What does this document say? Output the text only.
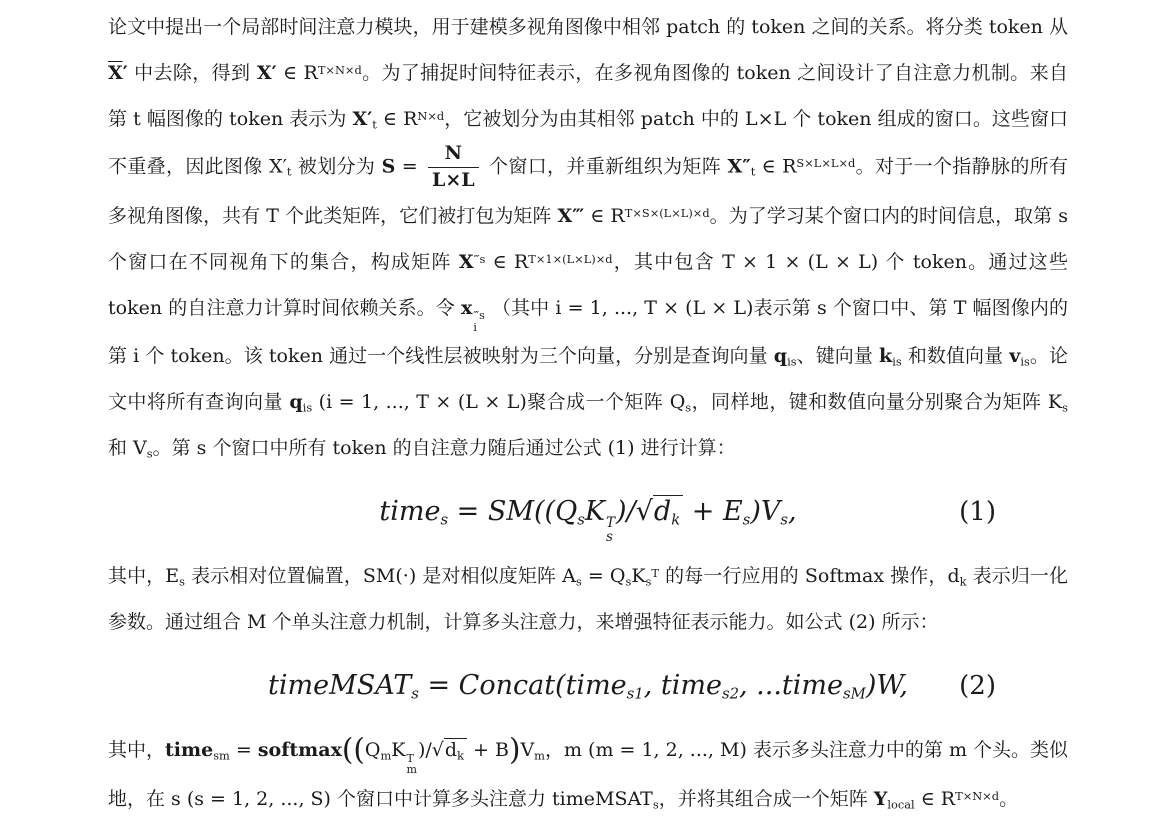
论文中提出一个局部时间注意力模块，用于建模多视角图像中相邻 patch 的 token 之间的关系。将分类 token 从 $\overline{X}'$ 中去除，得到 X′ ∈ $R^{T\times N\times d}$。为了捕捉时间特征表示，在多视角图像的 token 之间设计了自注意力机制。来自第 t 幅图像的 token 表示为 $X'_t$ ∈ $R^{N\times d}$，它被划分为由其相邻 patch 中的 L×L 个 token 组成的窗口。这些窗口不重叠，因此图像 $X'_t$ 被划分为 $S = \frac{N}{L\times L}$ 个窗口，并重新组织为矩阵 $X''_t$ ∈ $R^{S\times L\times L\times d}$。对于一个指静脉的所有多视角图像，共有 T 个此类矩阵，它们被打包为矩阵 X‴ ∈ $R^{T\times S\times(L\times L)\times d}$。为了学习某个窗口内的时间信息，取第 s 个窗口在不同视角下的集合，构成矩阵 $X^{‴s}$ ∈ $R^{T\times 1\times(L\times L)\times d}$，其中包含 T × 1 × (L × L) 个 token。通过这些 token 的自注意力计算时间依赖关系。令 x ‴s
i
（其中 i = 1, ..., T × (L × L)表示第 s 个窗口中、第 T 幅图像内的第 i 个 token。该 token 通过一个线性层被映射为三个向量，分别是查询向量 $q_{is}$、键向量 $k_{is}$ 和数值向量 $v_{is}$。论文中将所有查询向量 $q_{is}$ (i = 1, ..., T × (L × L)聚合成一个矩阵 $Q_s$，同样地，键和数值向量分别聚合为矩阵 $K_s$ 和 $V_s$。第 s 个窗口中所有 token 的自注意力随后通过公式 (1) 进行计算：

time$_s$ = $SM((Q_sK$ T
s
)$/√d_k + E_s)V_s$,	(1)

其中，$E_s$ 表示相对位置偏置，SM(·) 是对相似度矩阵 $A_s = Q_sK_s^T$ 的每一行应用的 Softmax 操作，$d_k$ 表示归一化参数。通过组合 M 个单头注意力机制，计算多头注意力，来增强特征表示能力。如公式 (2) 所示：

timeMSAT$_s$ = Concat(time$_{s1}$, time$_{s2}$, ...time$_{sM}$)W, (2)

其中，time$_{sm}$ = $softmax((Q_mK$ T
m
)$/√d_k + B)V_m$，m (m = 1, 2, ..., M) 表示多头注意力中的第 m 个头。类似地，在 s (s = 1, 2, ..., S) 个窗口中计算多头注意力 timeMSAT$_s$，并将其组合成一个矩阵 $Y_{local}$ ∈ $R^{T\times N\times d}$。
